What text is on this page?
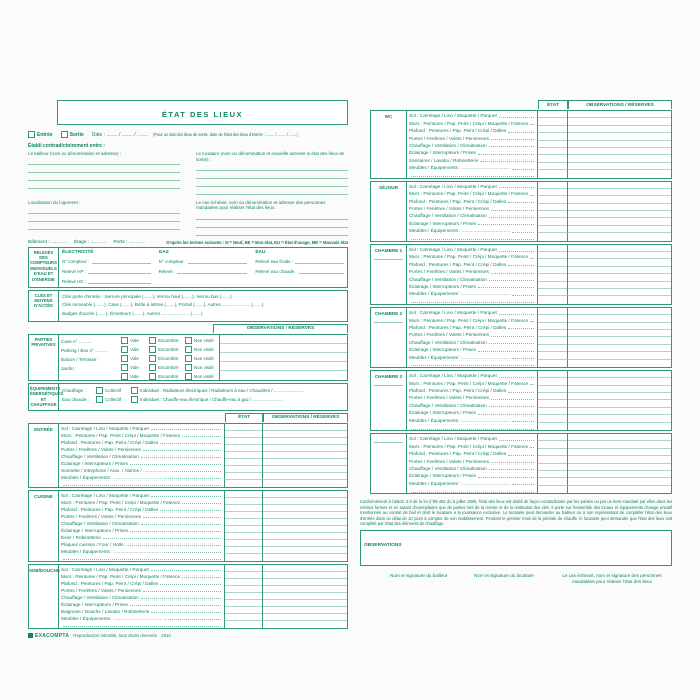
ÉTAT DES LIEUX
Entrée	Sortie Date : ........ / ........ / ........ (Pour un état des lieux de sortie, date de l'état des lieux d'entrée : ........ / ........ / ........)
Établi contradictoirement entre :
Le bailleur (nom ou dénomination et adresse) :	Le locataire (nom ou dénomination et nouvelle adresse si état des lieux de sortie) :
Localisation du logement :	Le cas échéant, nom ou dénomination et adresse des personnes mandatées pour réaliser l'état des lieux :
Bâtiment : ............ Étage : ............ Porte : ............	D'après les termes suivants : N = Neuf, BE = Bon état, EU = État d'usage, ME = Mauvais état
RELEVÉS DES COMPTEURS INDIVIDUELS D'EAU ET D'ÉNERGIE
ÉLECTRICITÉ
N° compteur :
Relevé HP :
Relevé HC :
GAZ
N° compteur :
Relevé :
EAU
Relevé eau froide :
Relevé eau chaude :
CLÉS ET MOYENS D'ACCÈS
Clés porte d'entrée : Serrure principale (.......), Verrou haut (.......), Verrou bas (.......)
Clés immeuble (.......), Cave (.......), Boîte à lettres (.......), Portail (.......), Autres ...................... (.......)
Badges d'accès (.......), Émetteurs (.......), Autres ...................... (.......)
OBSERVATIONS / RÉSERVES
PARTIES PRIVATIVES
Cave n° ..........	Vide	Encombré	Non visité
Parking / Box n° ..........	Vide	Encombré	Non visité
Balcon / Terrasse :	Vide	Encombré	Non visité
Jardin :	Vide	Encombré	Non visité
Vide	Encombré	Non visité
ÉQUIPEMENTS ÉNERGÉTIQUES ET CHAUFFAGE
Chauffage :	Collectif	Individuel : Radiateurs électriques / Radiateurs à eau / Chaudière / ........................
Eau chaude :	Collectif	Individuel : Chauffe-eau électrique / Chauffe-eau à gaz / ........................
ÉTAT	OBSERVATIONS / RÉSERVES
ENTRÉE	Sol : Carrelage / Lino / Moquette / Parquet
Murs : Peintures / Pap. Peint / Crépi / Moquette / Faïence
Plafond : Peintures / Pap. Peint / Crépi / Dalles
Portes / Fenêtres / Volets / Persiennes
Chauffage / Ventilation / Climatisation
Éclairage / Interrupteurs / Prises
Sonnette / Interphone / Auto. / Alarme / .....................
Meubles / Équipements : .....................................
CUISINE	Sol : Carrelage / Lino / Moquette / Parquet
Murs : Peintures / Pap. Peint / Crépi / Moquette / Faïence
Plafond : Peintures / Pap. Peint / Crépi / Dalles
Portes / Fenêtres / Volets / Persiennes
Chauffage / Ventilation / Climatisation
Éclairage / Interrupteurs / Prises
Évier / Robinetterie
Plaques cuisson / Four / Hotte
Meubles / Équipements : .....................................
SDB/DOUCHE Sol : Carrelage / Lino / Moquette / Parquet
Murs : Peintures / Pap. Peint / Crépi / Moquette / Faïence
Plafond : Peintures / Pap. Peint / Crépi / Dalles
Portes / Fenêtres / Volets / Persiennes
Chauffage / Ventilation / Climatisation
Éclairage / Interrupteurs / Prises
Baignoire / Douche / Lavabo / Robinetterie
Meubles / Équipements : .....................................
EXACOMPTA Reproduction interdite, tous droits réservés 1910
ÉTAT	OBSERVATIONS / RÉSERVES
WC	Sol : Carrelage / Lino / Moquette / Parquet
Murs : Peintures / Pap. Peint / Crépi / Moquette / Faïence
Plafond : Peintures / Pap. Peint / Crépi / Dalles
Portes / Fenêtres / Volets / Persiennes
Chauffage / Ventilation / Climatisation
Éclairage / Interrupteurs / Prises
Sanitaires / Lavabo / Robinetterie
Meubles / Équipements : .....................................
SÉJOUR	Sol : Carrelage / Lino / Moquette / Parquet
Murs : Peintures / Pap. Peint / Crépi / Moquette / Faïence
Plafond : Peintures / Pap. Peint / Crépi / Dalles
Portes / Fenêtres / Volets / Persiennes
Chauffage / Ventilation / Climatisation
Éclairage / Interrupteurs / Prises
Meubles / Équipements : .....................................
CHAMBRE 1	Sol : Carrelage / Lino / Moquette / Parquet
Murs : Peintures / Pap. Peint / Crépi / Moquette / Faïence
Plafond : Peintures / Pap. Peint / Crépi / Dalles
Portes / Fenêtres / Volets / Persiennes
Chauffage / Ventilation / Climatisation
Éclairage / Interrupteurs / Prises
Meubles / Équipements : .....................................
CHAMBRE 2	Sol : Carrelage / Lino / Moquette / Parquet
Murs : Peintures / Pap. Peint / Crépi / Moquette / Faïence
Plafond : Peintures / Pap. Peint / Crépi / Dalles
Portes / Fenêtres / Volets / Persiennes
Chauffage / Ventilation / Climatisation
Éclairage / Interrupteurs / Prises
Meubles / Équipements : .....................................
CHAMBRE 3	Sol : Carrelage / Lino / Moquette / Parquet
Murs : Peintures / Pap. Peint / Crépi / Moquette / Faïence
Plafond : Peintures / Pap. Peint / Crépi / Dalles
Portes / Fenêtres / Volets / Persiennes
Chauffage / Ventilation / Climatisation
Éclairage / Interrupteurs / Prises
Meubles / Équipements : .....................................
Sol : Carrelage / Lino / Moquette / Parquet
Murs : Peintures / Pap. Peint / Crépi / Moquette / Faïence
Plafond : Peintures / Pap. Peint / Crépi / Dalles
Portes / Fenêtres / Volets / Persiennes
Chauffage / Ventilation / Climatisation
Éclairage / Interrupteurs / Prises
Meubles / Équipements : .....................................
Conformément à l'article 3-2 de la loi n°89-462 du 6 juillet 1989, l'état des lieux est établi de façon contradictoire par les parties ou par un tiers mandaté par elles dans les mêmes formes et en autant d'exemplaires que de parties lors de la remise et de la restitution des clés. Il porte sur l'ensemble des locaux et équipements d'usage privatif mentionnés au contrat de bail et dont le locataire a la jouissance exclusive. Le locataire peut demander au bailleur ou à son représentant de compléter l'état des lieux d'entrée dans un délai de 10 jours à compter de son établissement. Pendant le premier mois de la période de chauffe, le locataire peut demander que l'état des lieux soit complété par l'état des éléments de chauffage.
OBSERVATIONS
Nom et signature du bailleur	Nom et signature du locataire	Le cas échéant, nom et signature des personnes mandatées pour réaliser l'état des lieux
